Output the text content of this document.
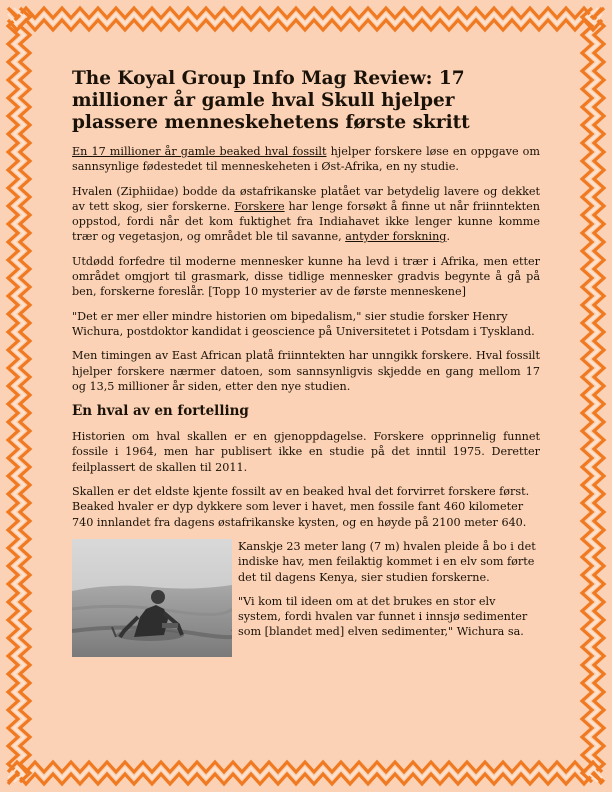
The Koyal Group Info Mag Review: 17 millioner år gamle hval Skull hjelper plassere menneskehetens første skritt

En 17 millioner år gamle beaked hval fossilt hjelper forskere løse en oppgave om sannsynlige fødestedet til menneskeheten i Øst-Afrika, en ny studie.

Hvalen (Ziphiidae) bodde da østafrikanske platået var betydelig lavere og dekket av tett skog, sier forskerne. Forskere har lenge forsøkt å finne ut når friinntekten oppstod, fordi når det kom fuktighet fra Indiahavet ikke lenger kunne komme trær og vegetasjon, og området ble til savanne, antyder forskning.

Utdødd forfedre til moderne mennesker kunne ha levd i trær i Afrika, men etter området omgjort til grasmark, disse tidlige mennesker gradvis begynte å gå på ben, forskerne foreslår. [Topp 10 mysterier av de første menneskene]

"Det er mer eller mindre historien om bipedalism," sier studie forsker Henry Wichura, postdoktor kandidat i geoscience på Universitetet i Potsdam i Tyskland.

Men timingen av East African platå friinntekten har unngikk forskere. Hval fossilt hjelper forskere nærmer datoen, som sannsynligvis skjedde en gang mellom 17 og 13,5 millioner år siden, etter den nye studien.

En hval av en fortelling

Historien om hval skallen er en gjenoppdagelse. Forskere opprinnelig funnet fossile i 1964, men har publisert ikke en studie på det inntil 1975. Deretter feilplassert de skallen til 2011.

Skallen er det eldste kjente fossilt av en beaked hval det forvirret forskere først. Beaked hvaler er dyp dykkere som lever i havet, men fossile fant 460 kilometer 740 innlandet fra dagens østafrikanske kysten, og en høyde på 2100 meter 640.

Kanskje 23 meter lang (7 m) hvalen pleide å bo i det indiske hav, men feilaktig kommet i en elv som førte det til dagens Kenya, sier studien forskerne.

"Vi kom til ideen om at det brukes en stor elv system, fordi hvalen var funnet i innsjø sedimenter som [blandet med] elven sedimenter," Wichura sa.
